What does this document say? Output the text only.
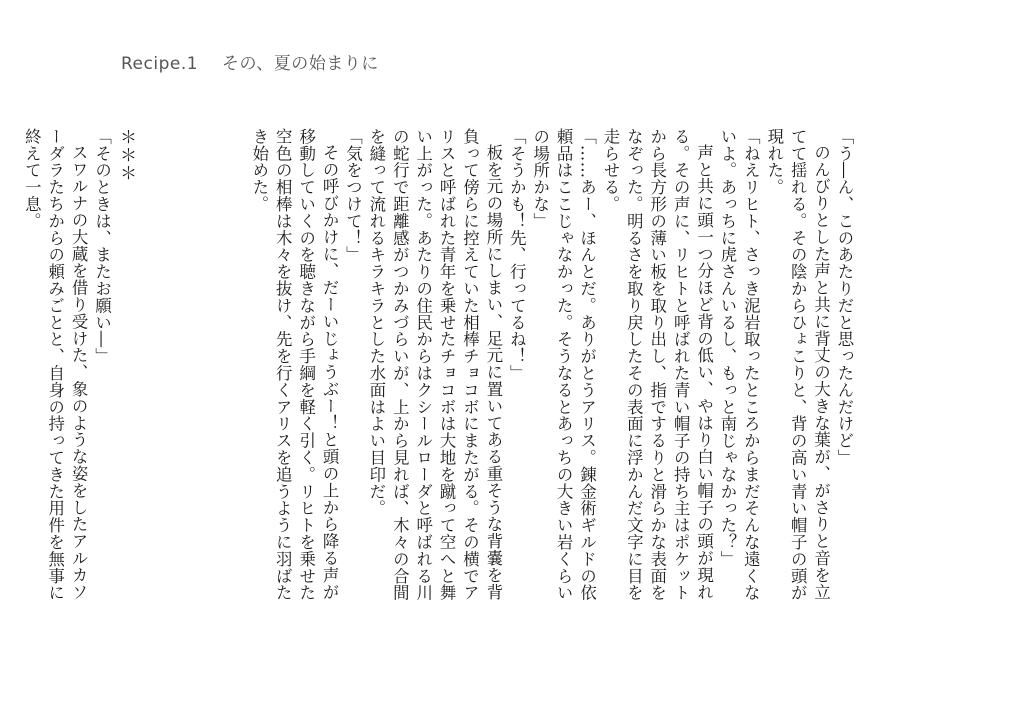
Recipe.1 その、夏の始まりに

「う―ん、このあたりだと思ったんだけど」

のんびりとした声と共に背丈の大きな葉が、がさりと音を立てて揺れる。その陰からひょこりと、背の高い青い帽子の頭が現れた。

「ねえリヒト、さっき泥岩取ったところからまだそんな遠くないよ。あっちに虎さんいるし、もっと南じゃなかった？」

声と共に頭一つ分ほど背の低い、やはり白い帽子の頭が現れる。その声に、リヒトと呼ばれた青い帽子の持ち主はポケットから長方形の薄い板を取り出し、指でするりと滑らかな表面をなぞった。明るさを取り戻したその表面に浮かんだ文字に目を走らせる。

「……あー、ほんとだ。ありがとうアリス。錬金術ギルドの依頼品はここじゃなかった。そうなるとあっちの大きい岩くらいの場所かな」

「そうかも！先、行ってるね！」

板を元の場所にしまい、足元に置いてある重そうな背嚢を背負って傍らに控えていた相棒チョコボにまたがる。その横でアリスと呼ばれた青年を乗せたチョコボは大地を蹴って空へと舞い上がった。あたりの住民からはクシールローダと呼ばれる川の蛇行で距離感がつかみづらいが、上から見れば、木々の合間を縫って流れるキラキラとした水面はよい目印だ。

「気をつけて！」

その呼びかけに、だーいじょうぶー！と頭の上から降る声が移動していくのを聴きながら手綱を軽く引く。リヒトを乗せた空色の相棒は木々を抜け、先を行くアリスを追うように羽ばたき始めた。

＊＊＊

「そのときは、またお願い―」

スワルナの大蔵を借り受けた、象のような姿をしたアルカソーダラたちからの頼みごとと、自身の持ってきた用件を無事に終えて一息。
